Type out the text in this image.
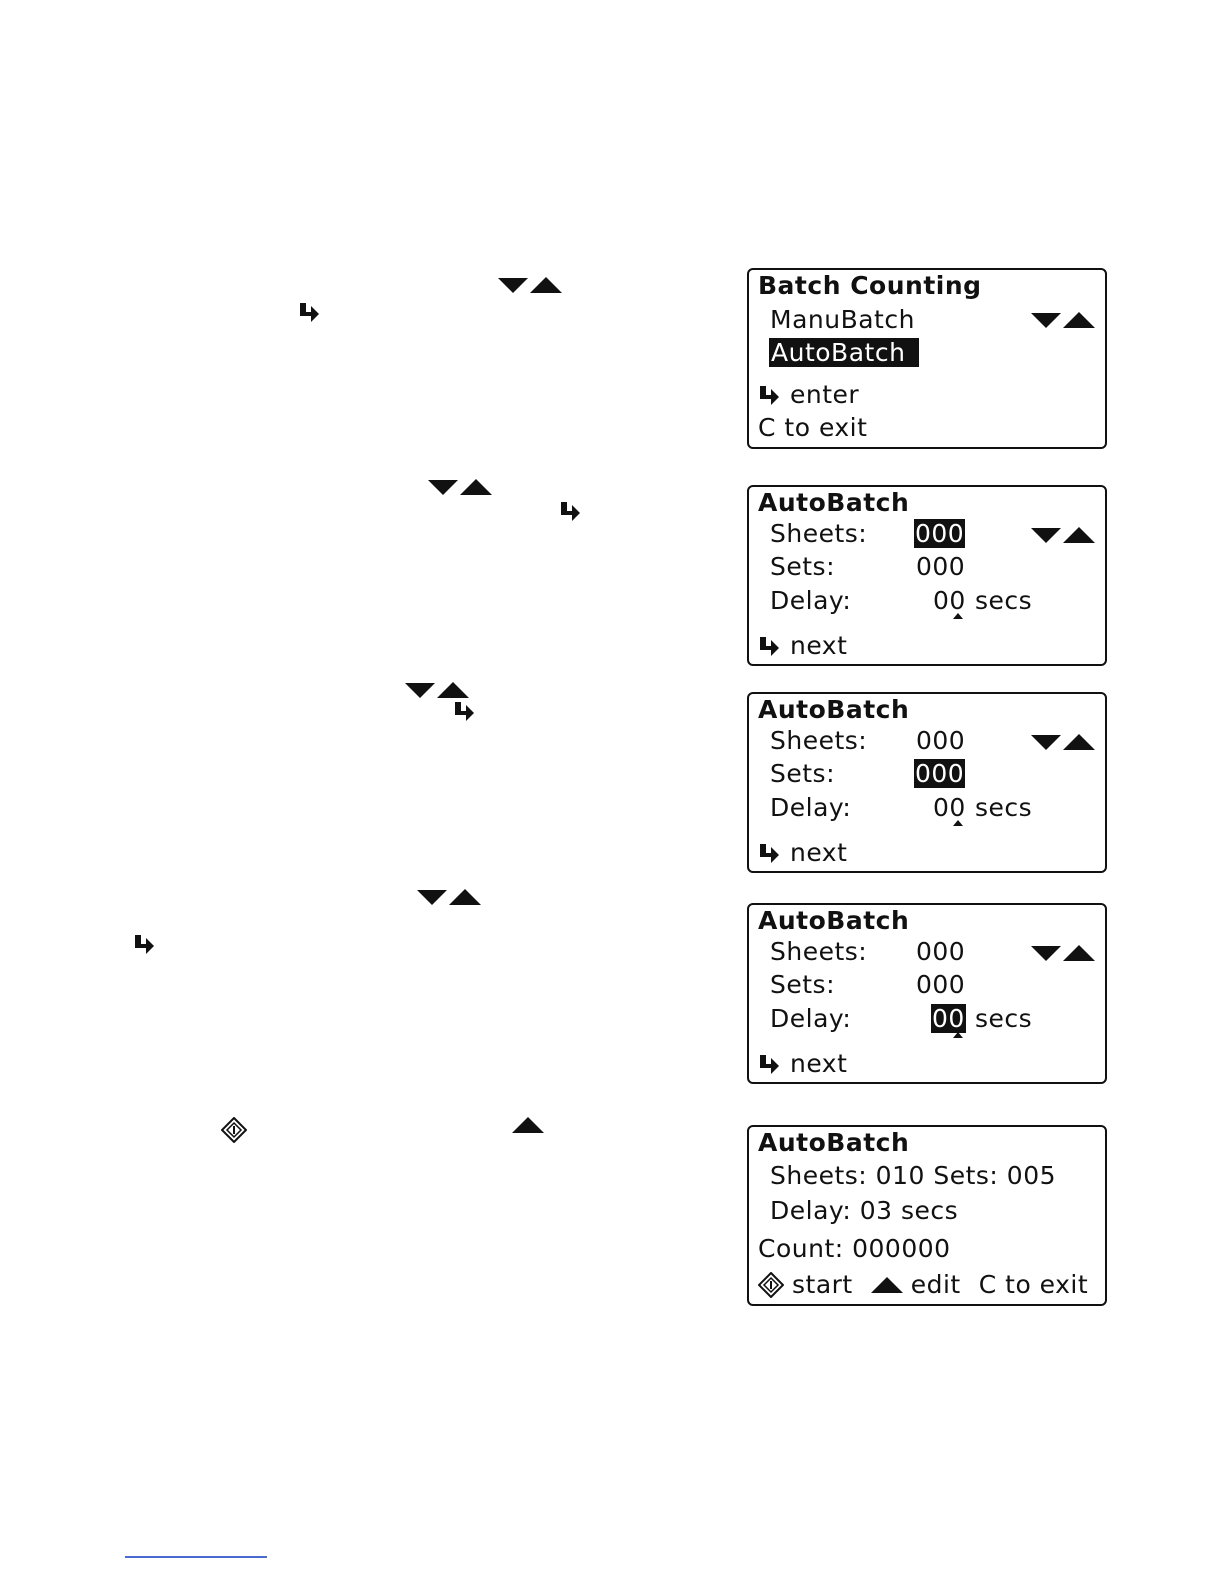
Batch Counting
ManuBatch
AutoBatch
enter
C to exit
AutoBatch
Sheets: 000
Sets:	000
Delay:	00 secs
next
AutoBatch
Sheets: 000
Sets:	000
Delay:	00 secs
next
AutoBatch
Sheets: 000
Sets:	000
Delay:	00 secs
next
AutoBatch
Sheets: 010 Sets: 005
Delay: 03 secs
Count: 000000
start edit C to exit
